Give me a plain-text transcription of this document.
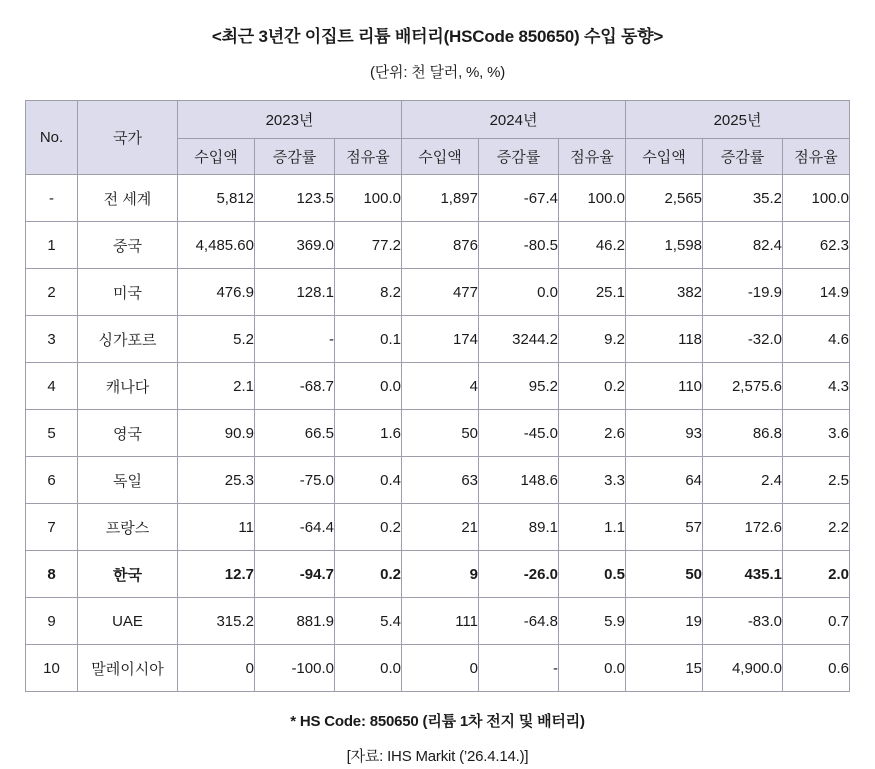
<최근 3년간 이집트 리튬 배터리(HSCode 850650) 수입 동향>
(단위: 천 달러, %, %)
No.	국가	2023년			2024년			2025년		
		수입액	증감률	점유율	수입액	증감률	점유율	수입액	증감률	점유율
-	전 세계	5,812	123.5	100.0	1,897	-67.4	100.0	2,565	35.2	100.0
1	중국	4,485.60	369.0	77.2	876	-80.5	46.2	1,598	82.4	62.3
2	미국	476.9	128.1	8.2	477	0.0	25.1	382	-19.9	14.9
3	싱가포르	5.2	-	0.1	174	3244.2	9.2	118	-32.0	4.6
4	캐나다	2.1	-68.7	0.0	4	95.2	0.2	110	2,575.6	4.3
5	영국	90.9	66.5	1.6	50	-45.0	2.6	93	86.8	3.6
6	독일	25.3	-75.0	0.4	63	148.6	3.3	64	2.4	2.5
7	프랑스	11	-64.4	0.2	21	89.1	1.1	57	172.6	2.2
8	한국	12.7	-94.7	0.2	9	-26.0	0.5	50	435.1	2.0
9	UAE	315.2	881.9	5.4	111	-64.8	5.9	19	-83.0	0.7
10	말레이시아	0	-100.0	0.0	0	-	0.0	15	4,900.0	0.6
* HS Code: 850650 (리튬 1차 전지 및 배터리)
[자료: IHS Markit (’26.4.14.)]
